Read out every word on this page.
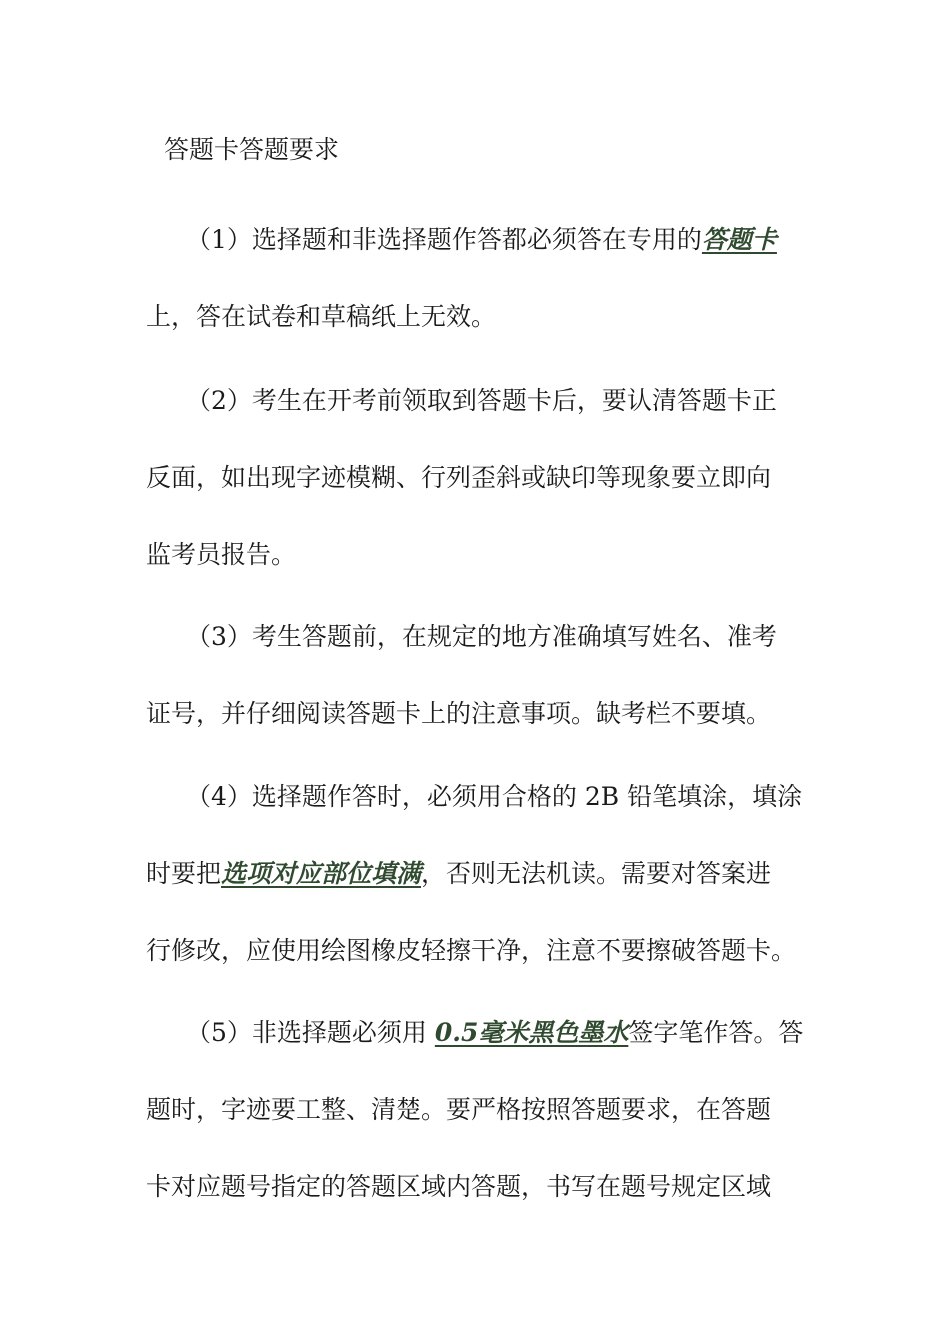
答题卡答题要求
（1）选择题和非选择题作答都必须答在专用的答题卡
上，答在试卷和草稿纸上无效。
（2）考生在开考前领取到答题卡后，要认清答题卡正
反面，如出现字迹模糊、行列歪斜或缺印等现象要立即向
监考员报告。
（3）考生答题前，在规定的地方准确填写姓名、准考
证号，并仔细阅读答题卡上的注意事项。缺考栏不要填。
（4）选择题作答时，必须用合格的 2B 铅笔填涂，填涂
时要把选项对应部位填满，否则无法机读。需要对答案进
行修改，应使用绘图橡皮轻擦干净，注意不要擦破答题卡。
（5）非选择题必须用 0.5毫米黑色墨水签字笔作答。答
题时，字迹要工整、清楚。要严格按照答题要求，在答题
卡对应题号指定的答题区域内答题，书写在题号规定区域
